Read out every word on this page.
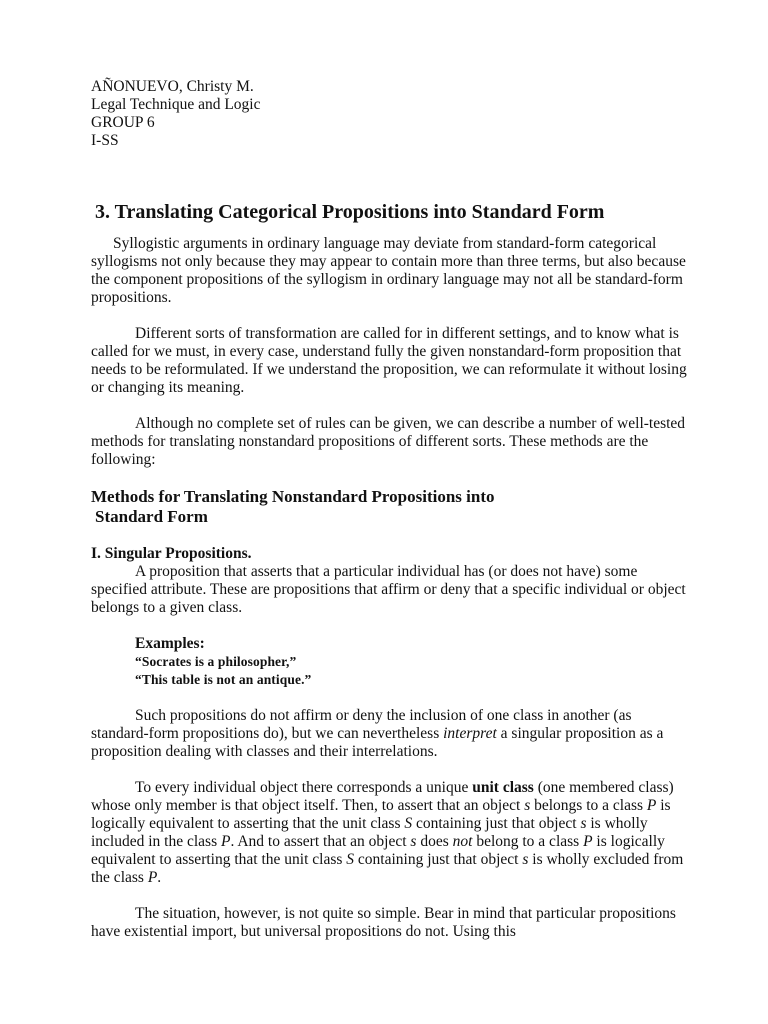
AÑONUEVO, Christy M.
Legal Technique and Logic
GROUP 6
I-SS
3. Translating Categorical Propositions into Standard Form

Syllogistic arguments in ordinary language may deviate from standard-form categorical syllogisms not only because they may appear to contain more than three terms, but also because the component propositions of the syllogism in ordinary language may not all be standard-form propositions.

Different sorts of transformation are called for in different settings, and to know what is called for we must, in every case, understand fully the given nonstandard-form proposition that needs to be reformulated. If we understand the proposition, we can reformulate it without losing or changing its meaning.

Although no complete set of rules can be given, we can describe a number of well-tested methods for translating nonstandard propositions of different sorts. These methods are the following:

Methods for Translating Nonstandard Propositions into
Standard Form

I. Singular Propositions.

A proposition that asserts that a particular individual has (or does not have) some specified attribute. These are propositions that affirm or deny that a specific individual or object belongs to a given class.

Examples:
“Socrates is a philosopher,”
“This table is not an antique.”

Such propositions do not affirm or deny the inclusion of one class in another (as standard-form propositions do), but we can nevertheless interpret a singular proposition as a proposition dealing with classes and their interrelations.

To every individual object there corresponds a unique unit class (one membered class) whose only member is that object itself. Then, to assert that an object s belongs to a class P is logically equivalent to asserting that the unit class S containing just that object s is wholly included in the class P. And to assert that an object s does not belong to a class P is logically equivalent to asserting that the unit class S containing just that object s is wholly excluded from the class P.

The situation, however, is not quite so simple. Bear in mind that particular propositions have existential import, but universal propositions do not. Using this
